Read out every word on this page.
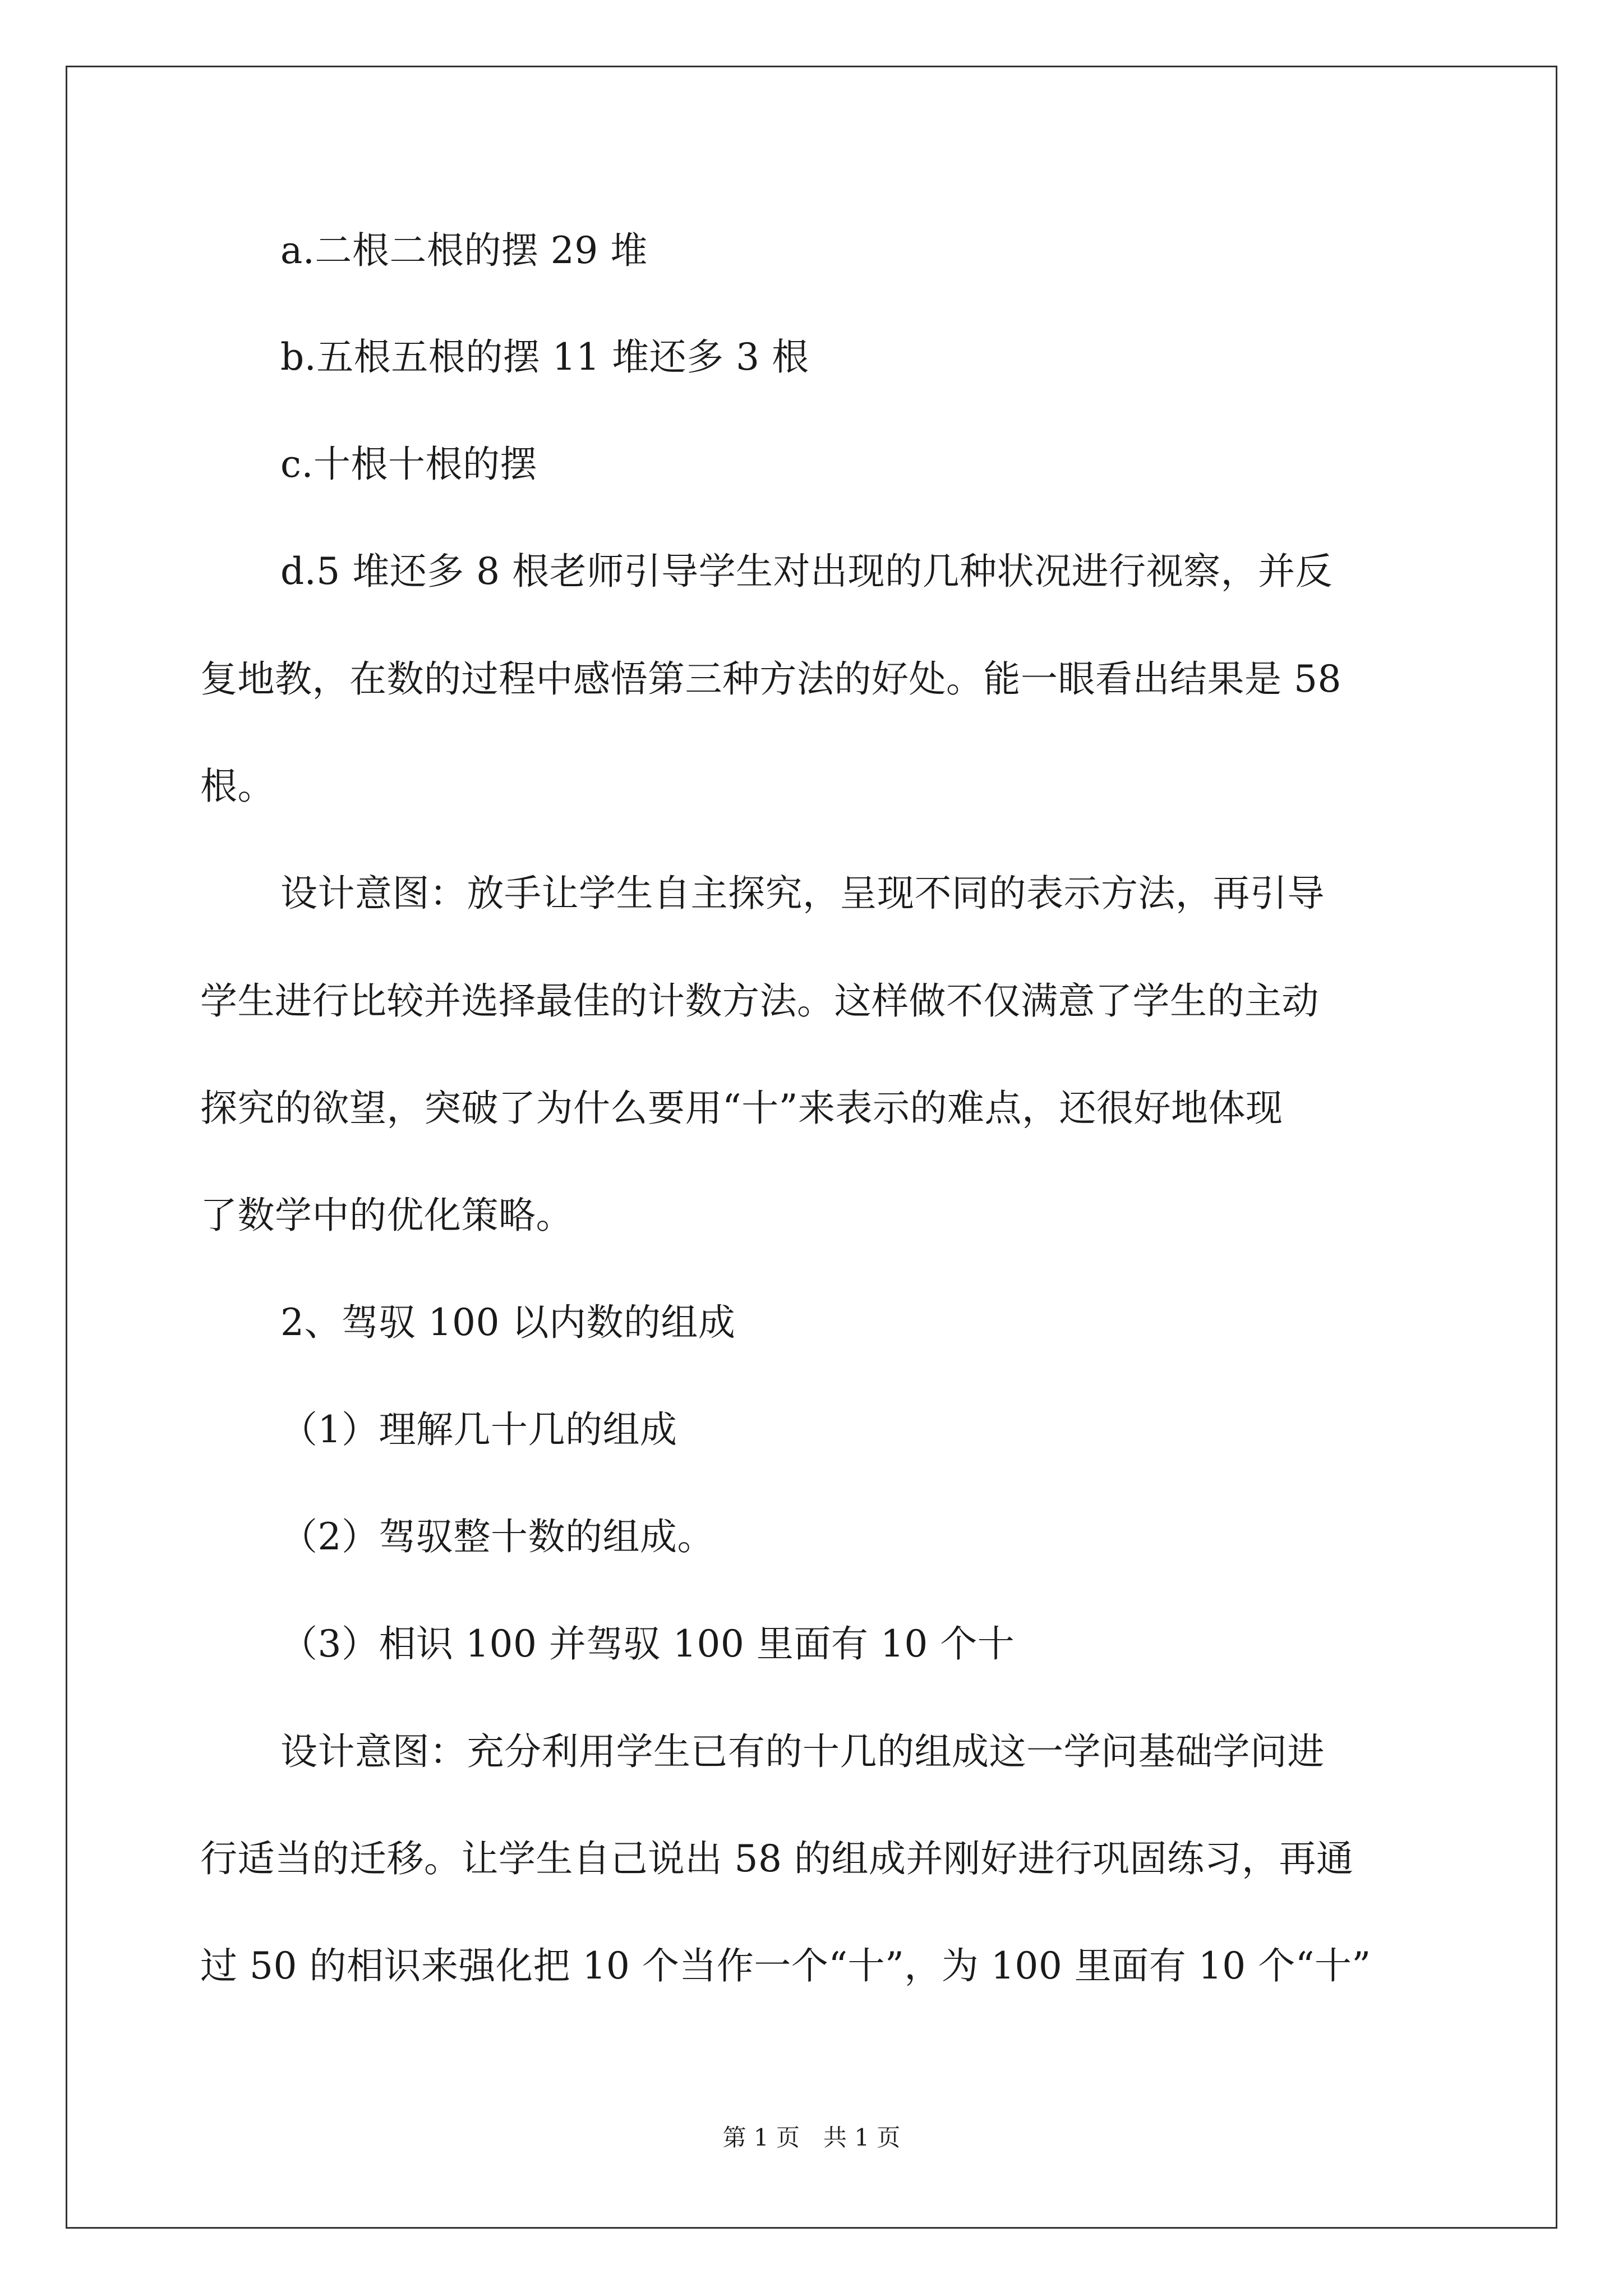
a.二根二根的摆 29 堆
b.五根五根的摆 11 堆还多 3 根
c.十根十根的摆
d.5 堆还多 8 根老师引导学生对出现的几种状况进行视察，并反
复地教，在数的过程中感悟第三种方法的好处。能一眼看出结果是 58
根。
设计意图：放手让学生自主探究，呈现不同的表示方法，再引导
学生进行比较并选择最佳的计数方法。这样做不仅满意了学生的主动
探究的欲望，突破了为什么要用“十”来表示的难点，还很好地体现
了数学中的优化策略。
2、驾驭 100 以内数的组成
（1）理解几十几的组成
（2）驾驭整十数的组成。
（3）相识 100 并驾驭 100 里面有 10 个十
设计意图：充分利用学生已有的十几的组成这一学问基础学问进
行适当的迁移。让学生自己说出 58 的组成并刚好进行巩固练习，再通
过 50 的相识来强化把 10 个当作一个“十”，为 100 里面有 10 个“十”
第 1 页　共 1 页
